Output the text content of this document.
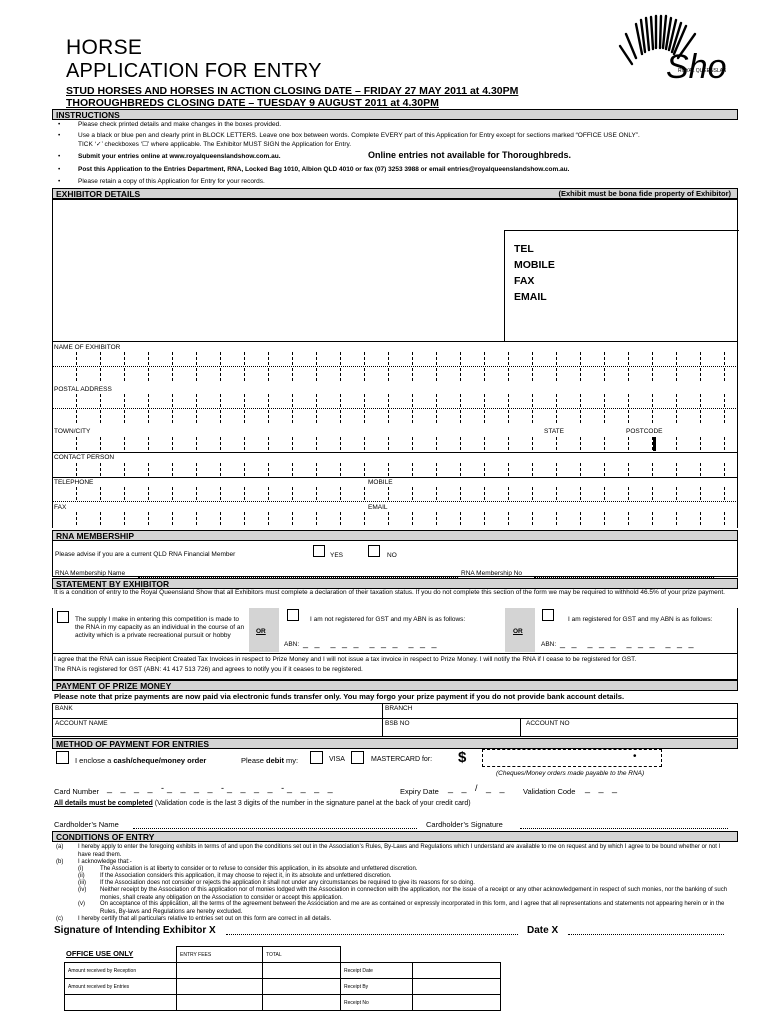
HORSE
APPLICATION FOR ENTRY
STUD HORSES AND HORSES IN ACTION CLOSING DATE – FRIDAY 27 MAY 2011 at 4.30PM
THOROUGHBREDS CLOSING DATE – TUESDAY 9 AUGUST 2011 at 4.30PM
Sho
ROYAL QUEENSLAND
INSTRUCTIONS
•	Please check printed details and make changes in the boxes provided.
•	Use a black or blue pen and clearly print in BLOCK LETTERS. Leave one box between words. Complete EVERY part of this Application for Entry except for sections marked “OFFICE USE ONLY”.
TICK ‘✓’ checkboxes ‘☐’ where applicable. The Exhibitor MUST SIGN the Application for Entry.
•	Submit your entries online at www.royalqueenslandshow.com.au.	Online entries not available for Thoroughbreds.
•	Post this Application to the Entries Department, RNA, Locked Bag 1010, Albion QLD 4010 or fax (07) 3253 3988 or email entries@royalqueenslandshow.com.au.
•	Please retain a copy of this Application for Entry for your records.
EXHIBITOR DETAILS	(Exhibit must be bona fide property of Exhibitor)
TEL
MOBILE
FAX
EMAIL
NAME OF EXHIBITOR
POSTAL ADDRESS
TOWN/CITY	STATE	POSTCODE
CONTACT PERSON
TELEPHONE	MOBILE
FAX	EMAIL
RNA MEMBERSHIP
Please advise if you are a current QLD RNA Financial Member	YES	NO
RNA Membership Name	RNA Membership No
STATEMENT BY EXHIBITOR
It is a condition of entry to the Royal Queensland Show that all Exhibitors must complete a declaration of their taxation status. If you do not complete this section of the form we may be required to withhold 46.5% of your prize payment.
The supply I make in entering this competition is made to the RNA in my capacity as an individual in the course of an activity which is a private recreational pursuit or hobby
OR
I am not registered for GST and my ABN is as follows:
ABN: _ _  _ _ _  _ _ _  _ _ _
OR
I am registered for GST and my ABN is as follows:
ABN: _ _  _ _ _  _ _ _  _ _ _
I agree that the RNA can issue Recipient Created Tax Invoices in respect to Prize Money and I will not issue a tax invoice in respect to Prize Money. I will notify the RNA if I cease to be registered for GST.
The RNA is registered for GST (ABN: 41 417 513 726) and agrees to notify you if it ceases to be registered.
PAYMENT OF PRIZE MONEY
Please note that prize payments are now paid via electronic funds transfer only. You may forgo your prize payment if you do not provide bank account details.
BANK	BRANCH
ACCOUNT NAME	BSB NO	ACCOUNT NO
METHOD OF PAYMENT FOR ENTRIES
I enclose a cash/cheque/money order	Please debit my:	VISA	MASTERCARD for: $	•
(Cheques/Money orders made payable to the RNA)
Card Number _ _ _ _ -_ _ _ _ -_ _ _ _ -_ _ _ _	Expiry Date _ _ / _ _ Validation Code _ _ _
All details must be completed (Validation code is the last 3 digits of the number in the signature panel at the back of your credit card)
Cardholder’s Name	Cardholder’s Signature
CONDITIONS OF ENTRY
(a) I hereby apply to enter the foregoing exhibits in terms of and upon the conditions set out in the Association’s Rules, By-Laws and Regulations which I understand are available to me on request and by which I agree to be bound whether or not I have read them.
(b) I acknowledge that:-
(i)	The Association is at liberty to consider or to refuse to consider this application, in its absolute and unfettered discretion.
(ii)	If the Association considers this application, it may choose to reject it, in its absolute and unfettered discretion.
(iii) If the Association does not consider or rejects the application it shall not under any circumstances be required to give its reasons for so doing.
(iv) Neither receipt by the Association of this application nor of monies lodged with the Association in connection with the application, nor the issue of a receipt or any other acknowledgement in respect of such monies, nor the banking of such monies, shall create any obligation on the Association to consider or accept this application.
(v)	On acceptance of this application, all the terms of the agreement between the Association and me are as contained or expressly incorporated in this form, and I agree that all representations and statements not appearing herein or in the Rules, By-laws and Regulations are hereby excluded.
(c)	I hereby certify that all particulars relative to entries set out on this form are correct in all details.
Signature of Intending Exhibitor X	Date X
OFFICE USE ONLY
		ENTRY FEES	TOTAL		
Amount received by Reception			Receipt Date	
Amount received by Entries			Receipt By	
			Receipt No	
